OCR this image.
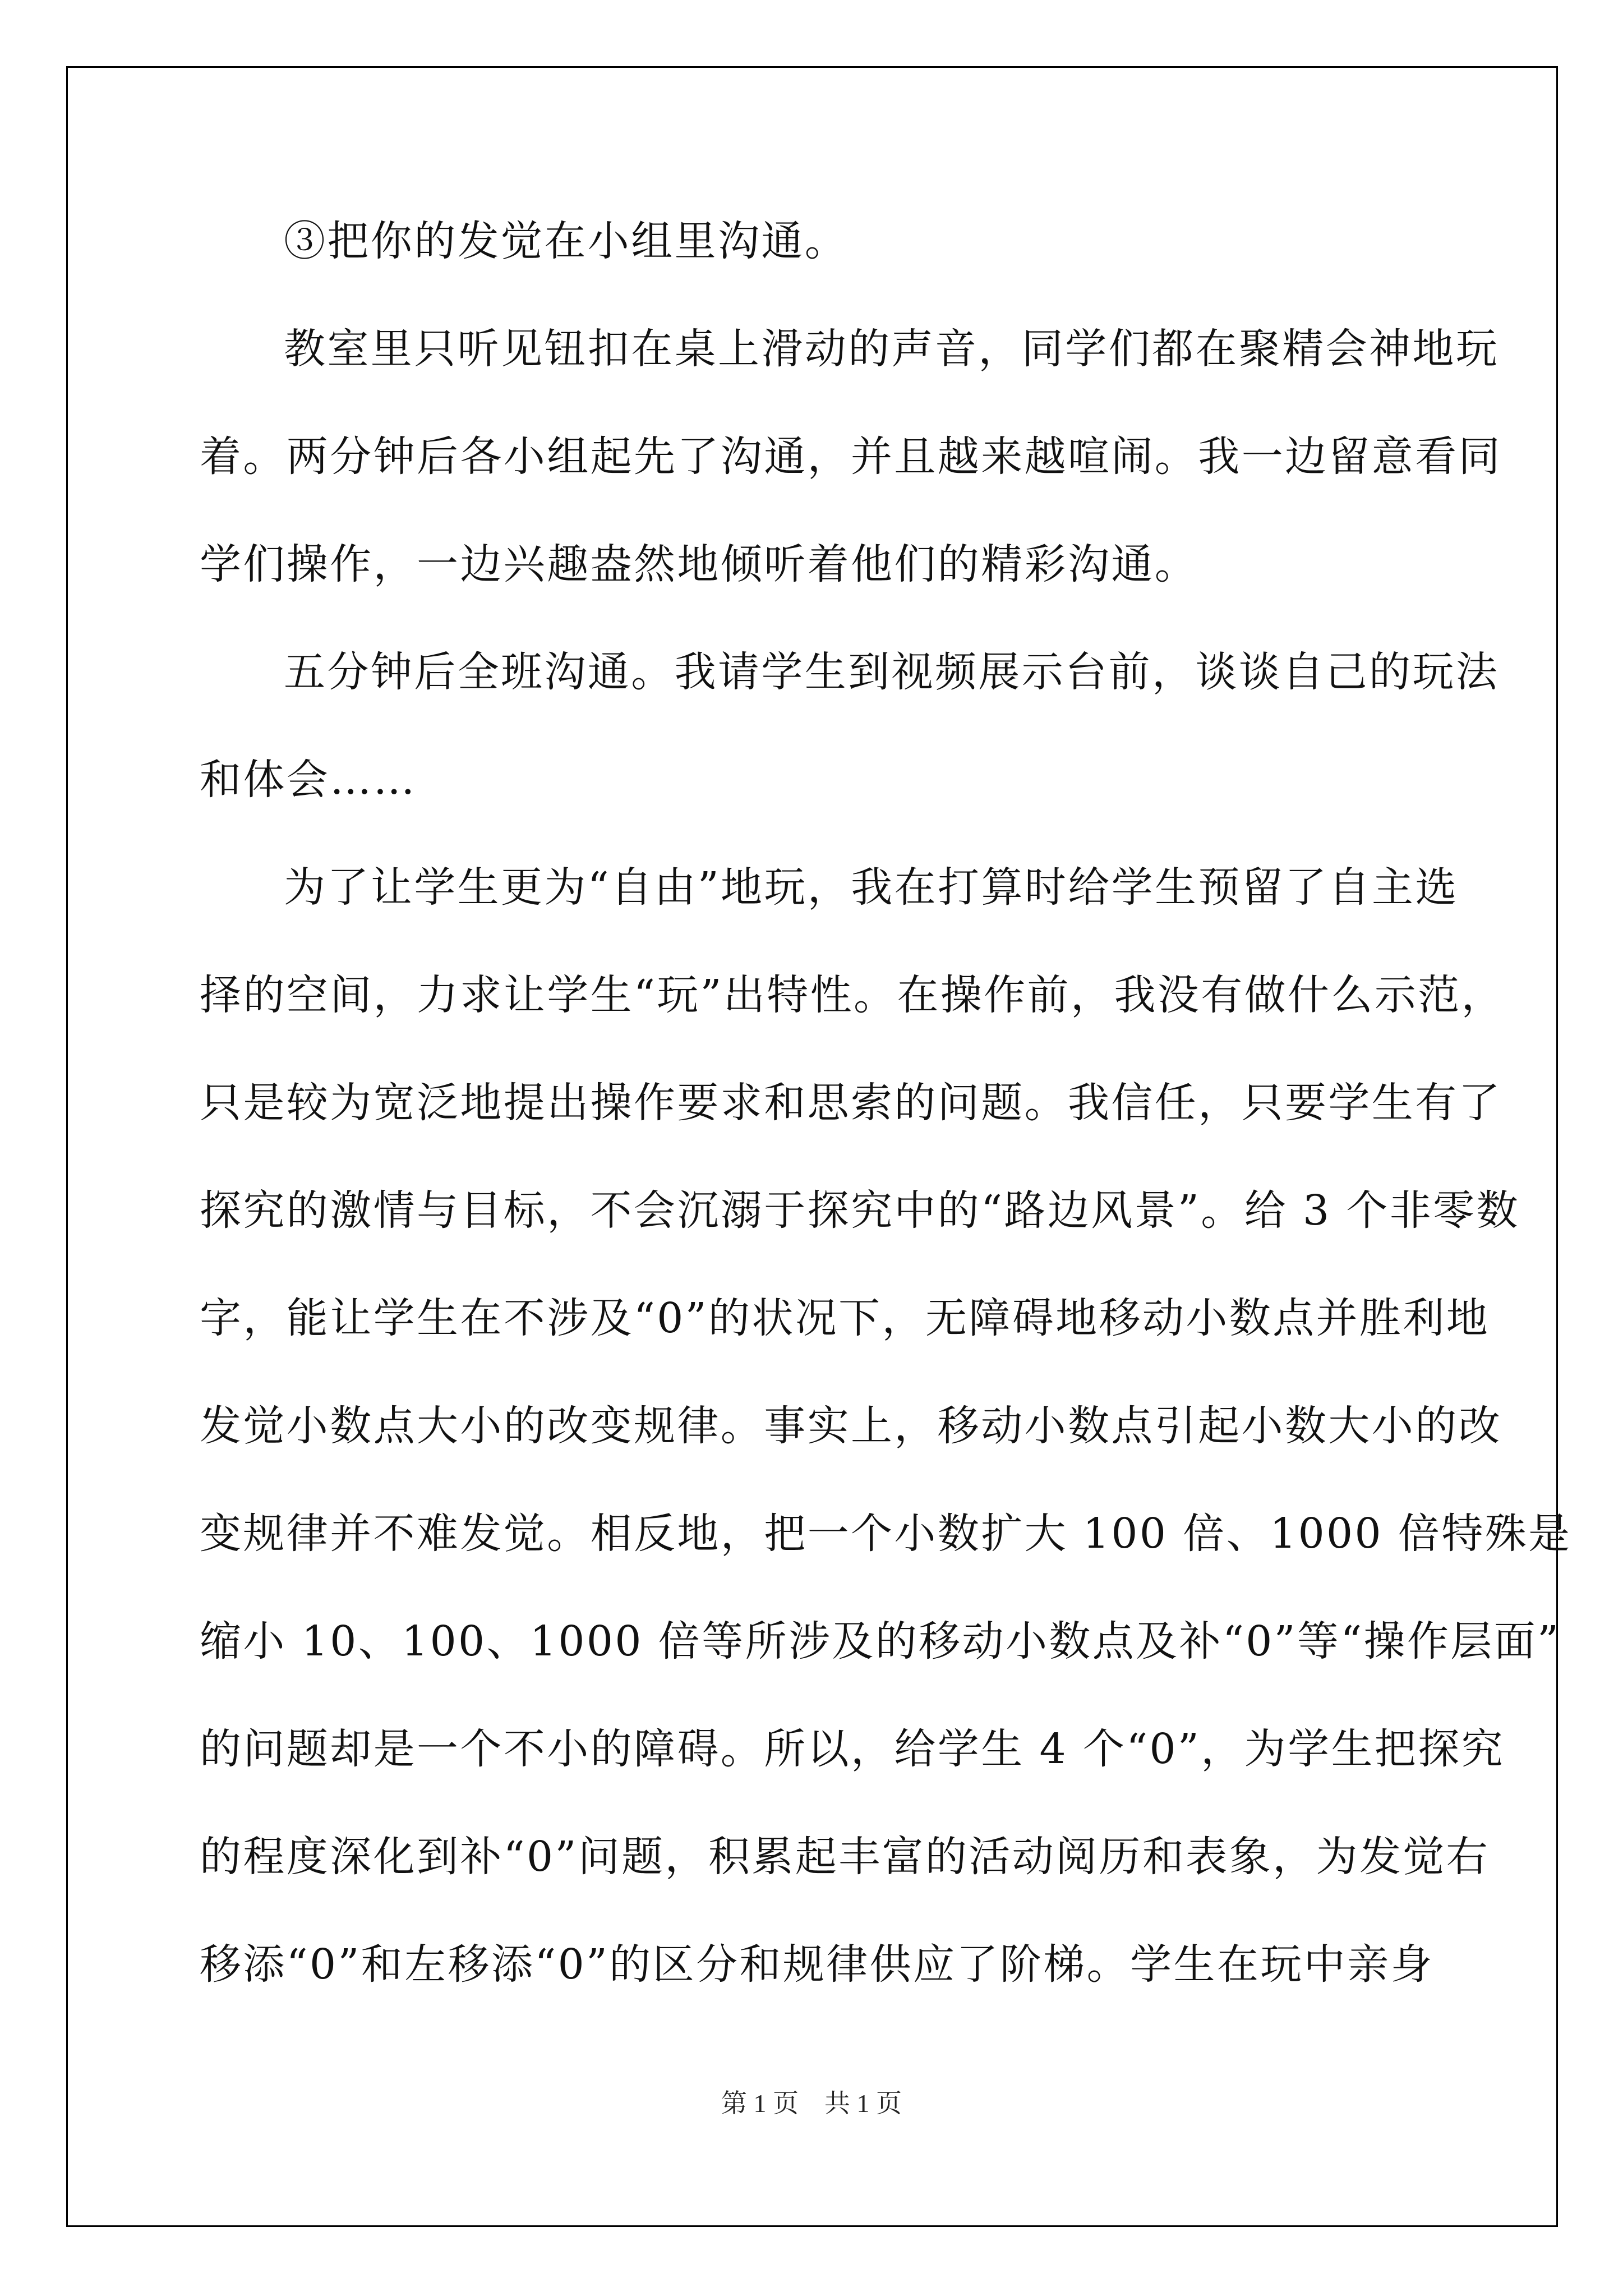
③把你的发觉在小组里沟通。
教室里只听见钮扣在桌上滑动的声音，同学们都在聚精会神地玩
着。两分钟后各小组起先了沟通，并且越来越喧闹。我一边留意看同
学们操作，一边兴趣盎然地倾听着他们的精彩沟通。
五分钟后全班沟通。我请学生到视频展示台前，谈谈自己的玩法
和体会……
为了让学生更为“自由”地玩，我在打算时给学生预留了自主选
择的空间，力求让学生“玩”出特性。在操作前，我没有做什么示范，
只是较为宽泛地提出操作要求和思索的问题。我信任，只要学生有了
探究的激情与目标，不会沉溺于探究中的“路边风景”。给 3 个非零数
字，能让学生在不涉及“0”的状况下，无障碍地移动小数点并胜利地
发觉小数点大小的改变规律。事实上，移动小数点引起小数大小的改
变规律并不难发觉。相反地，把一个小数扩大 100 倍、1000 倍特殊是
缩小 10、100、1000 倍等所涉及的移动小数点及补“0”等“操作层面”
的问题却是一个不小的障碍。所以，给学生 4 个“0”，为学生把探究
的程度深化到补“0”问题，积累起丰富的活动阅历和表象，为发觉右
移添“0”和左移添“0”的区分和规律供应了阶梯。学生在玩中亲身
第 1 页    共 1 页
